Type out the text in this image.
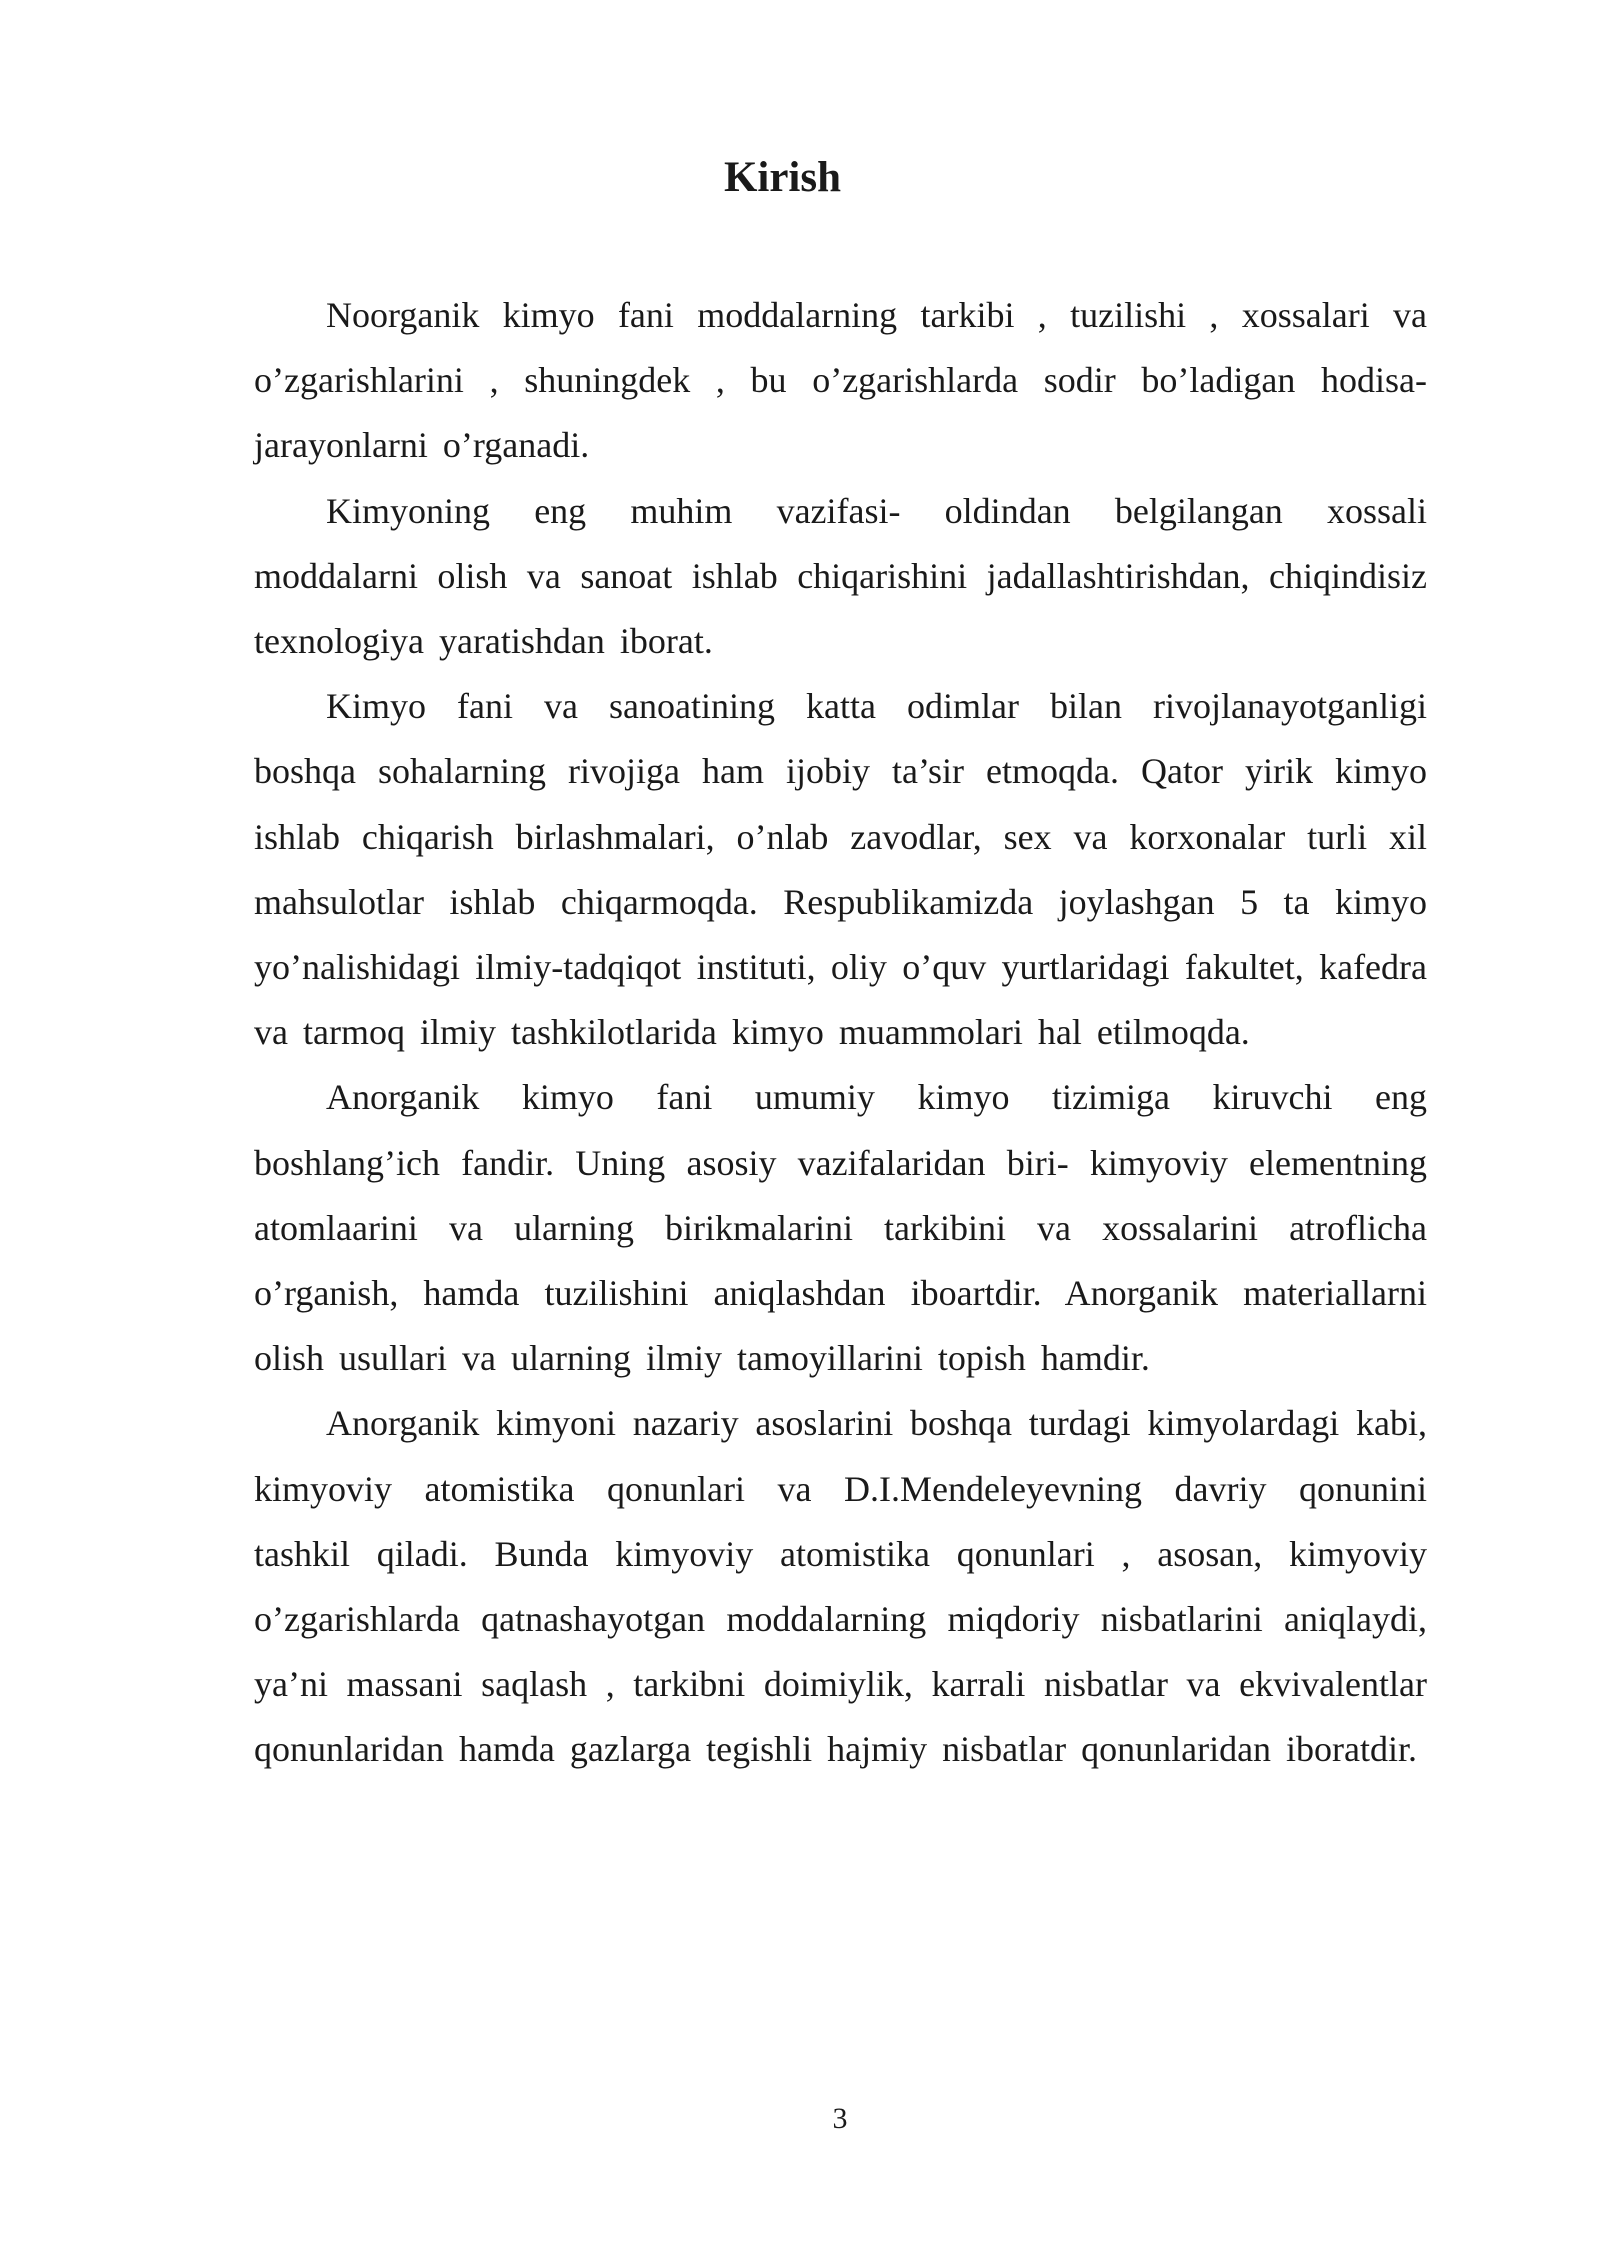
Kirish

Noorganik kimyo fani moddalarning tarkibi , tuzilishi , xossalari va o’zgarishlarini , shuningdek , bu o’zgarishlarda sodir bo’ladigan hodisa-jarayonlarni o’rganadi.

Kimyoning eng muhim vazifasi- oldindan belgilangan xossali moddalarni olish va sanoat ishlab chiqarishini jadallashtirishdan, chiqindisiz texnologiya yaratishdan iborat.

Kimyo fani va sanoatining katta odimlar bilan rivojlanayotganligi boshqa sohalarning rivojiga ham ijobiy ta’sir etmoqda. Qator yirik kimyo ishlab chiqarish birlashmalari, o’nlab zavodlar, sex va korxonalar turli xil mahsulotlar ishlab chiqarmoqda. Respublikamizda joylashgan 5 ta kimyo yo’nalishidagi ilmiy-tadqiqot instituti, oliy o’quv yurtlaridagi fakultet, kafedra va tarmoq ilmiy tashkilotlarida kimyo muammolari hal etilmoqda.

Anorganik kimyo fani umumiy kimyo tizimiga kiruvchi eng boshlang’ich fandir. Uning asosiy vazifalaridan biri- kimyoviy elementning atomlaarini va ularning birikmalarini tarkibini va xossalarini atroflicha o’rganish, hamda tuzilishini aniqlashdan iboartdir. Anorganik materiallarni olish usullari va ularning ilmiy tamoyillarini topish hamdir.

Anorganik kimyoni nazariy asoslarini boshqa turdagi kimyolardagi kabi, kimyoviy atomistika qonunlari va D.I.Mendeleyevning davriy qonunini tashkil qiladi. Bunda kimyoviy atomistika qonunlari , asosan, kimyoviy o’zgarishlarda qatnashayotgan moddalarning miqdoriy nisbatlarini aniqlaydi, ya’ni massani saqlash , tarkibni doimiylik, karrali nisbatlar va ekvivalentlar qonunlaridan hamda gazlarga tegishli hajmiy nisbatlar qonunlaridan iboratdir.

3
